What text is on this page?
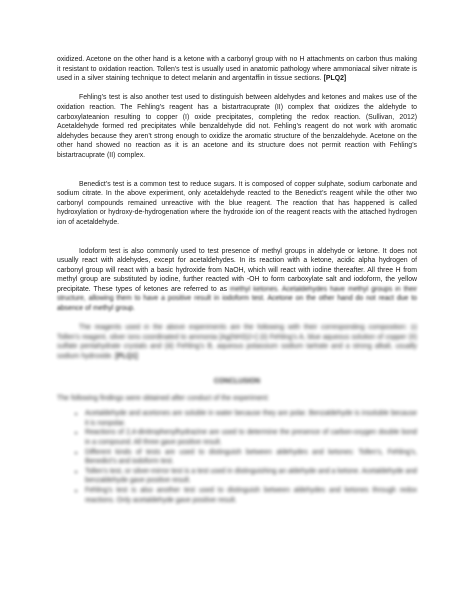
oxidized. Acetone on the other hand is a ketone with a carbonyl group with no H attachments on carbon thus making it resistant to oxidation reaction. Tollen’s test is usually used in anatomic pathology where ammoniacal silver nitrate is used in a silver staining technique to detect melanin and argentaffin in tissue sections. [PLQ2]

Fehling’s test is also another test used to distinguish between aldehydes and ketones and makes use of the oxidation reaction. The Fehling’s reagent has a bistartracuprate (II) complex that oxidizes the aldehyde to carboxylateanion resulting to copper (I) oxide precipitates, completing the redox reaction. (Sullivan, 2012) Acetaldehyde formed red precipitates while benzaldehyde did not. Fehling’s reagent do not work with aromatic aldehydes because they aren’t strong enough to oxidize the aromatic structure of the benzaldehyde. Acetone on the other hand showed no reaction as it is an acetone and its structure does not permit reaction with Fehling’s bistartracuprate (II) complex.

Benedict’s test is a common test to reduce sugars. It is composed of copper sulphate, sodium carbonate and sodium citrate. In the above experiment, only acetaldehyde reacted to the Benedict’s reagent while the other two carbonyl compounds remained unreactive with the blue reagent. The reaction that has happened is called hydroxylation or hydroxy-de-hydrogenation where the hydroxide ion of the reagent reacts with the attached hydrogen ion of acetaldehyde.

Iodoform test is also commonly used to test presence of methyl groups in aldehyde or ketone. It does not usually react with aldehydes, except for acetaldehydes. In its reaction with a ketone, acidic alpha hydrogen of carbonyl group will react with a basic hydroxide from NaOH, which will react with iodine thereafter. All three H from methyl group are substituted by iodine, further reacted with -OH to form carboxylate salt and iodoform, the yellow precipitate. These types of ketones are referred to as methyl ketones. Acetaldehydes have methyl groups in their structure, allowing them to have a positive result in iodoform test. Acetone on the other hand do not react due to absence of methyl group.

The reagents used in the above experiments are the following with their corresponding composition: (i) Tollen’s reagent, silver ions coordinated to ammonia [Ag(NH3)2+] (ii) Fehling’s A, blue aqueous solution of copper (II) sulfate pentahydrate crystals and (iii) Fehling’s B, aqueous potassium sodium tartrate and a strong alkali, usually sodium hydroxide. [PLQ1]

CONCLUSION

The following findings were obtained after conduct of the experiment:

• Acetaldehyde and acetones are soluble in water because they are polar. Benzaldehyde is insoluble because it is nonpolar.
• Reactions of 2,4-dinitrophenylhydrazine are used to determine the presence of carbon-oxygen double bond in a compound. All three gave positive result.
• Different kinds of tests are used to distinguish between aldehydes and ketones: Tollen’s, Fehling’s, Benedict’s and iodoform test.
• Tollen’s test, or silver-mirror test is a test used in distinguishing an aldehyde and a ketone. Acetaldehyde and benzaldehyde gave positive result.
• Fehling’s test is also another test used to distinguish between aldehydes and ketones through redox reactions. Only acetaldehyde gave positive result.
